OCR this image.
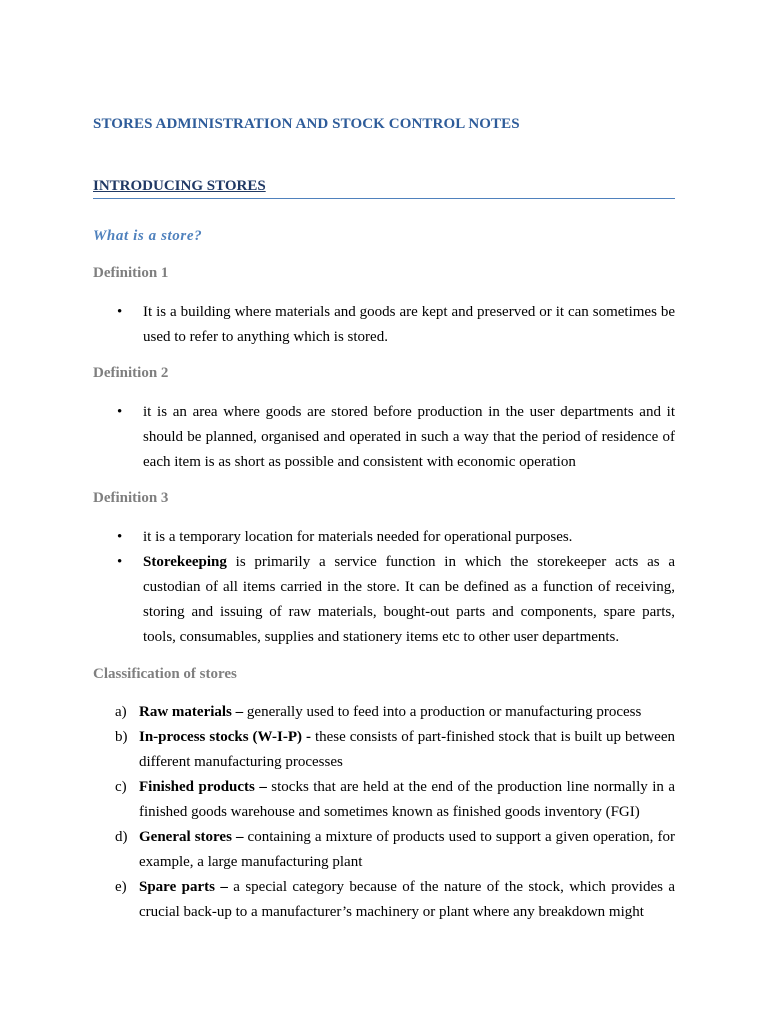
STORES ADMINISTRATION AND STOCK CONTROL NOTES
INTRODUCING STORES
What is a store?
Definition 1
• It is a building where materials and goods are kept and preserved or it can sometimes be used to refer to anything which is stored.
Definition 2
• it is an area where goods are stored before production in the user departments and it should be planned, organised and operated in such a way that the period of residence of each item is as short as possible and consistent with economic operation
Definition 3
• it is a temporary location for materials needed for operational purposes.
• Storekeeping is primarily a service function in which the storekeeper acts as a custodian of all items carried in the store. It can be defined as a function of receiving, storing and issuing of raw materials, bought-out parts and components, spare parts, tools, consumables, supplies and stationery items etc to other user departments.
Classification of stores
a) Raw materials – generally used to feed into a production or manufacturing process
b) In-process stocks (W-I-P) - these consists of part-finished stock that is built up between different manufacturing processes
c) Finished products – stocks that are held at the end of the production line normally in a finished goods warehouse and sometimes known as finished goods inventory (FGI)
d) General stores – containing a mixture of products used to support a given operation, for example, a large manufacturing plant
e) Spare parts – a special category because of the nature of the stock, which provides a crucial back-up to a manufacturer’s machinery or plant where any breakdown might
